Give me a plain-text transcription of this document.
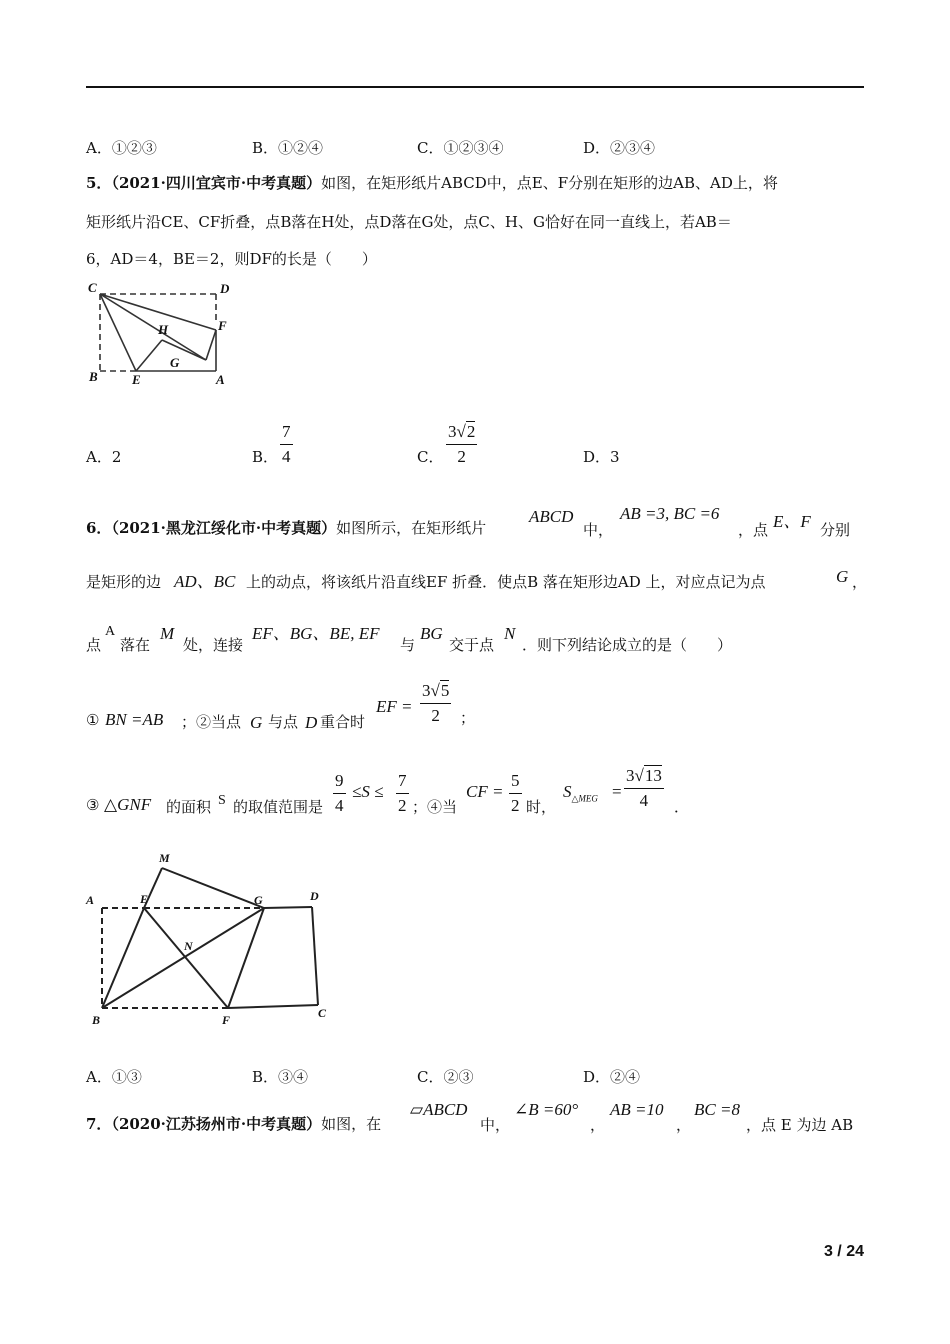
A．①②③	B．①②④	C．①②③④	D．②③④
5．（2021·四川宜宾市·中考真题）如图，在矩形纸片ABCD中，点E、F分别在矩形的边AB、AD上，将
矩形纸片沿CE、CF折叠，点B落在H处，点D落在G处，点C、H、G恰好在同一直线上，若AB＝
6，AD＝4，BE＝2，则DF的长是（　　）
C	D
H	F
G
B	E	A
A．2	B．
7
4	C．
3√2
2	D．3
6．（2021·黑龙江绥化市·中考真题）如图所示，在矩形纸片
ABCD
中，
AB =3, BC =6
，点 E、F 分别
是矩形的边 AD、BC 上的动点，将该纸片沿直线EF 折叠．使点B 落在矩形边AD 上，对应点记为点	G ，
点
A
落在
M
处，连接
EF、BG、BE, EF
与
BG
交于点
N
．则下列结论成立的是（　　）
① BN =AB ；②当点 G 与点 D 重合时
EF =
3√5
2	；
③ △GNF 的面积 S 的取值范围是
9
4
≤S ≤
7
2 ；④当
CF =
5
2 时，
$S_{\triangle MEG}$ =
3√13
4	．
M
A	E	G	D
N
B	F	C
A．①③	B．③④	C．②③	D．②④
7．（2020·江苏扬州市·中考真题）如图，在
▱ABCD
中，
∠B =60°
，
AB =10
，
BC =8
，点 E 为边 AB
3 / 24
